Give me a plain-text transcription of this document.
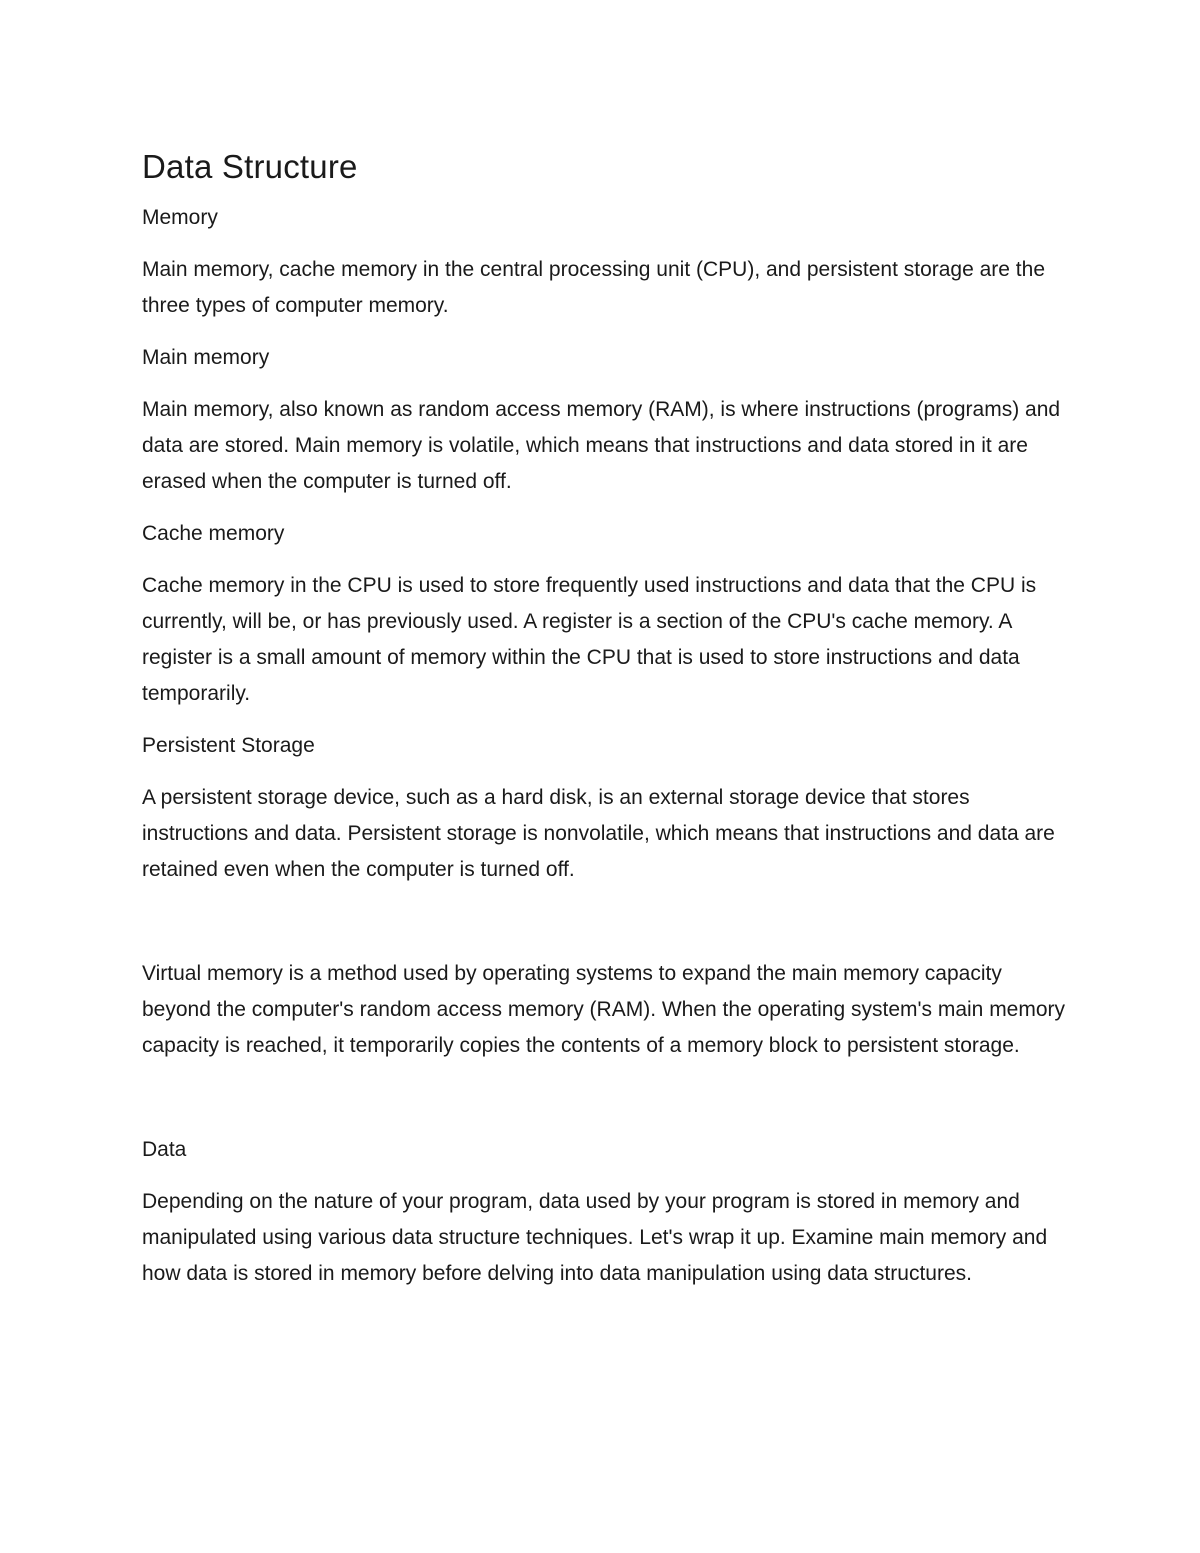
Data Structure

Memory

Main memory, cache memory in the central processing unit (CPU), and persistent storage are the three types of computer memory.

Main memory

Main memory, also known as random access memory (RAM), is where instructions (programs) and data are stored. Main memory is volatile, which means that instructions and data stored in it are erased when the computer is turned off.

Cache memory

Cache memory in the CPU is used to store frequently used instructions and data that the CPU is currently, will be, or has previously used. A register is a section of the CPU's cache memory. A register is a small amount of memory within the CPU that is used to store instructions and data temporarily.

Persistent Storage

A persistent storage device, such as a hard disk, is an external storage device that stores instructions and data. Persistent storage is nonvolatile, which means that instructions and data are retained even when the computer is turned off.

Virtual memory is a method used by operating systems to expand the main memory capacity beyond the computer's random access memory (RAM). When the operating system's main memory capacity is reached, it temporarily copies the contents of a memory block to persistent storage.

Data

Depending on the nature of your program, data used by your program is stored in memory and manipulated using various data structure techniques. Let's wrap it up. Examine main memory and how data is stored in memory before delving into data manipulation using data structures.
